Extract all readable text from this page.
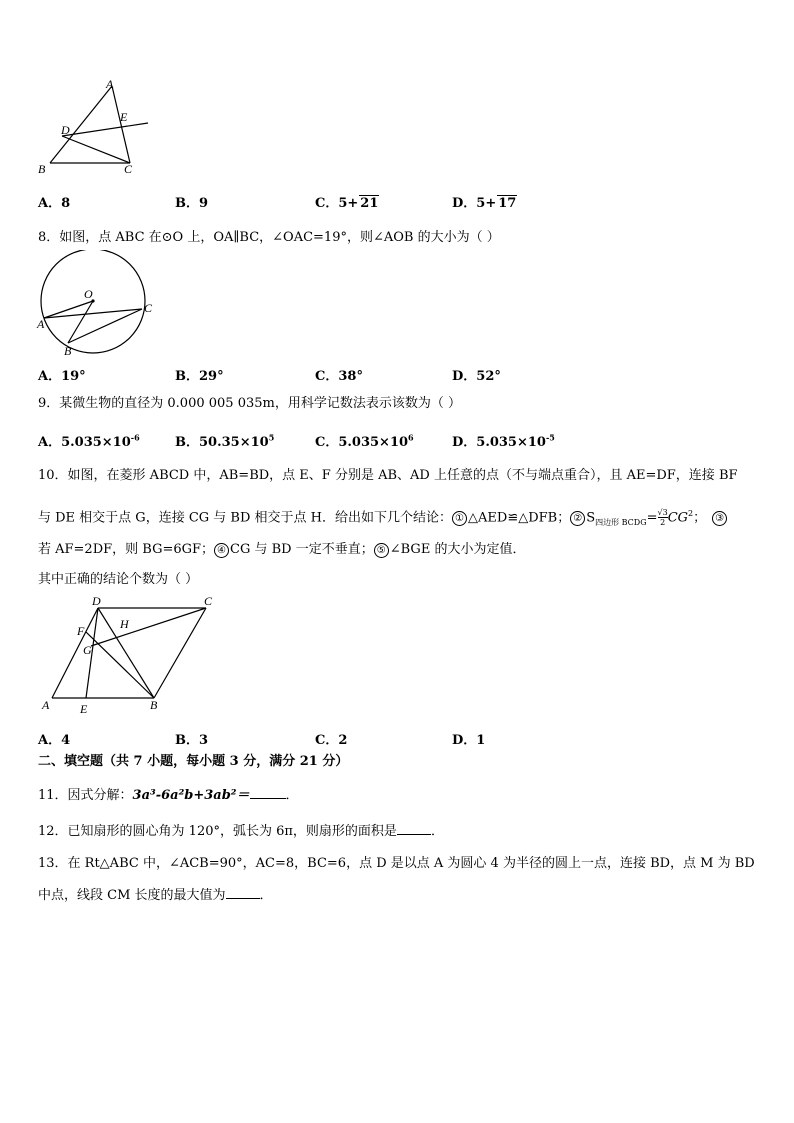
A
E
D
B	C
A．8	B．9	C．5+ 21	D．5+ 17
8．如图，点 ABC 在⊙O 上，OA∥BC，∠OAC=19°，则∠AOB 的大小为（ ）
O
C
A
B
A．19°	B．29°	C．38°	D．52°
9．某微生物的直径为 0.000 005 035m，用科学记数法表示该数为（ ）
A．$5.035\times 10^{-6}$	B．$50.35\times 10^5$	C．$5.035\times 10^6$	D．$5.035\times 10^{-5}$
10．如图，在菱形 ABCD 中，AB=BD，点 E、F 分别是 AB、AD 上任意的点（不与端点重合），且 AE=DF，连接 BF
与 DE 相交于点 G，连接 CG 与 BD 相交于点 H．给出如下几个结论： ① △AED≌△DFB； ② $S_{四边形 BCDG}= \frac{√3}{2} CG^2$； ③
若 AF=2DF，则 BG=6GF； ④ CG 与 BD 一定不垂直； ⑤ ∠BGE 的大小为定值．
其中正确的结论个数为（ ）
D	C
F	H
G
A	E	B
A．4	B．3	C．2	D．1
二、填空题（共 7 小题，每小题 3 分，满分 21 分）
11．因式分解：3a³-6a²b+3ab²＝	．
12．已知扇形的圆心角为 120°，弧长为 6π，则扇形的面积是	．
13．在 Rt△ABC 中，∠ACB=90°，AC=8，BC=6，点 D 是以点 A 为圆心 4 为半径的圆上一点，连接 BD，点 M 为 BD
中点，线段 CM 长度的最大值为	．
